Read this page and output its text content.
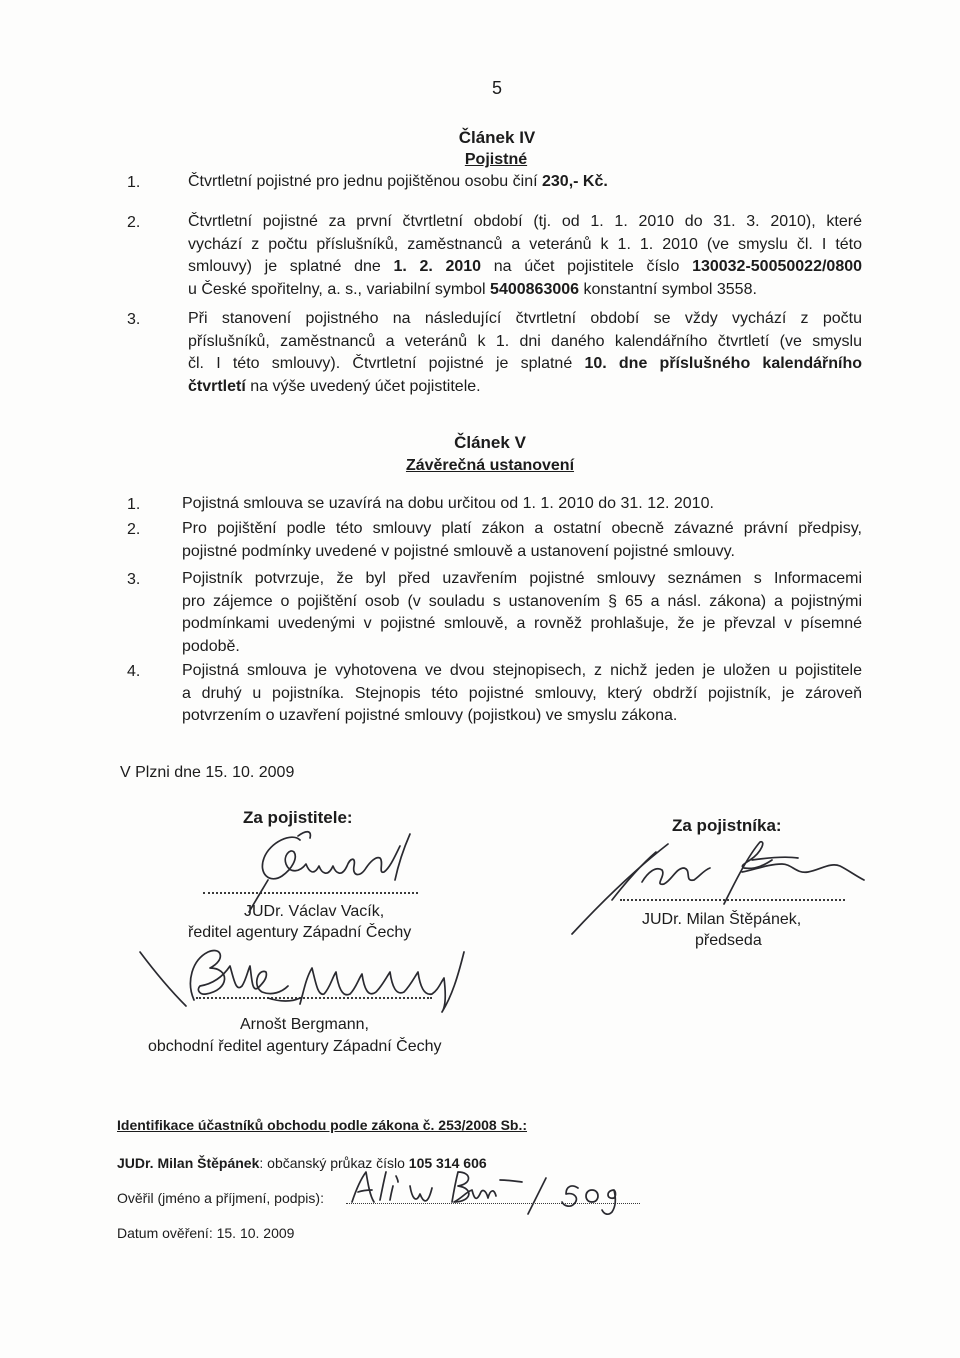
5
Článek IV
Pojistné
1.	Čtvrtletní pojistné pro jednu pojištěnou osobu činí 230,- Kč.
2.	Čtvrtletní pojistné za první čtvrtletní období (tj. od 1. 1. 2010 do 31. 3. 2010), které
vychází z počtu příslušníků, zaměstnanců a veteránů k 1. 1. 2010 (ve smyslu čl. I této
smlouvy) je splatné dne 1. 2. 2010 na účet pojistitele číslo 130032-50050022/0800
u České spořitelny, a. s., variabilní symbol 5400863006 konstantní symbol 3558.
3.	Při stanovení pojistného na následující čtvrtletní období se vždy vychází z počtu
příslušníků, zaměstnanců a veteránů k 1. dni daného kalendářního čtvrtletí (ve smyslu
čl. I této smlouvy). Čtvrtletní pojistné je splatné 10. dne příslušného kalendářního
čtvrtletí na výše uvedený účet pojistitele.
Článek V
Závěrečná ustanovení
1.	Pojistná smlouva se uzavírá na dobu určitou od 1. 1. 2010 do 31. 12. 2010.
2.	Pro pojištění podle této smlouvy platí zákon a ostatní obecně závazné právní předpisy,
pojistné podmínky uvedené v pojistné smlouvě a ustanovení pojistné smlouvy.
3.	Pojistník potvrzuje, že byl před uzavřením pojistné smlouvy seznámen s Informacemi
pro zájemce o pojištění osob (v souladu s ustanovením § 65 a násl. zákona) a pojistnými
podmínkami uvedenými v pojistné smlouvě, a rovněž prohlašuje, že je převzal v písemné
podobě.
4.	Pojistná smlouva je vyhotovena ve dvou stejnopisech, z nichž jeden je uložen u pojistitele
a druhý u pojistníka. Stejnopis této pojistné smlouvy, který obdrží pojistník, je zároveň
potvrzením o uzavření pojistné smlouvy (pojistkou) ve smyslu zákona.
V Plzni dne 15. 10. 2009
Za pojistitele:	Za pojistníka:
JUDr. Václav Vacík,
ředitel agentury Západní Čechy
Arnošt Bergmann,
obchodní ředitel agentury Západní Čechy
JUDr. Milan Štěpánek,
předseda
Identifikace účastníků obchodu podle zákona č. 253/2008 Sb.:
JUDr. Milan Štěpánek: občanský průkaz číslo 105 314 606
Ověřil (jméno a příjmení, podpis):
Datum ověření: 15. 10. 2009
